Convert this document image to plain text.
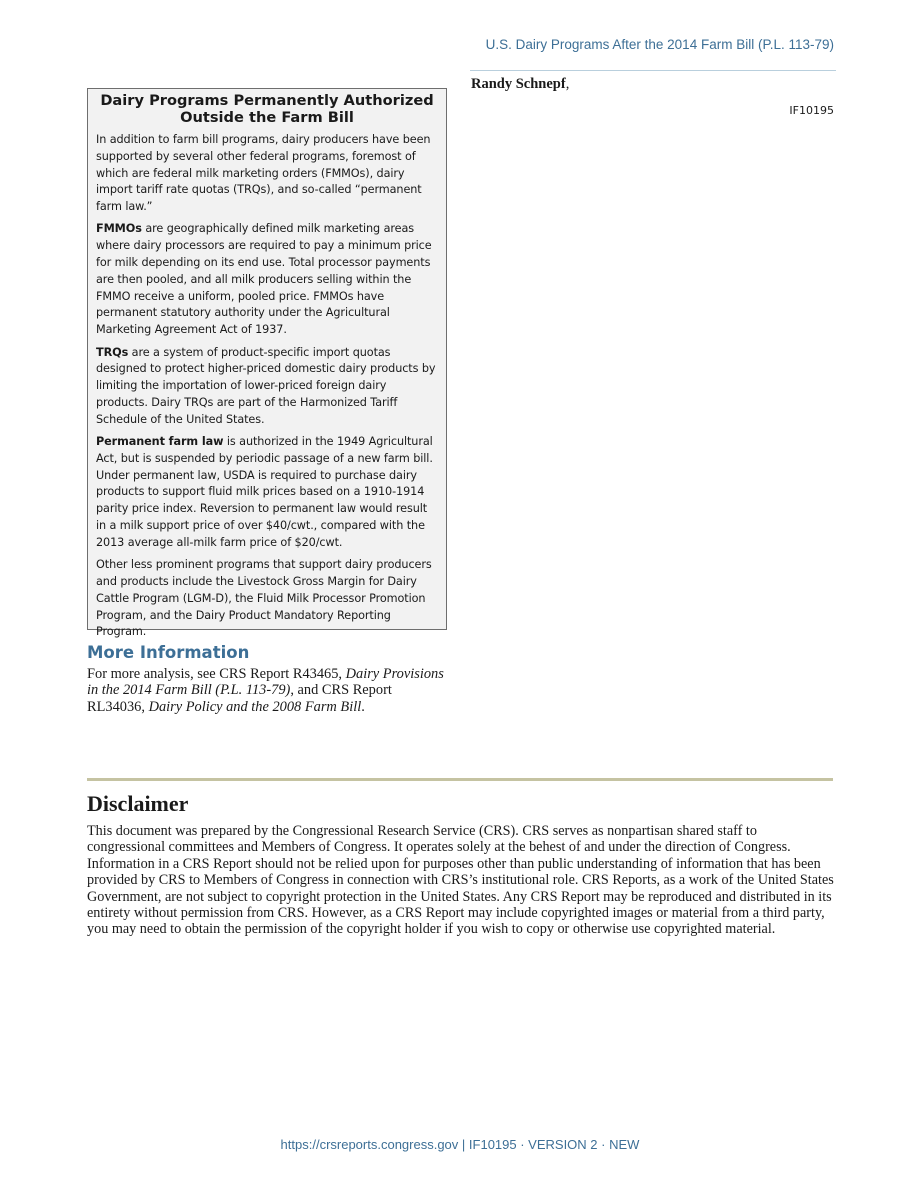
U.S. Dairy Programs After the 2014 Farm Bill (P.L. 113-79)
Randy Schnepf,
IF10195
Dairy Programs Permanently Authorized Outside the Farm Bill

In addition to farm bill programs, dairy producers have been supported by several other federal programs, foremost of which are federal milk marketing orders (FMMOs), dairy import tariff rate quotas (TRQs), and so-called “permanent farm law.”

FMMOs are geographically defined milk marketing areas where dairy processors are required to pay a minimum price for milk depending on its end use. Total processor payments are then pooled, and all milk producers selling within the FMMO receive a uniform, pooled price. FMMOs have permanent statutory authority under the Agricultural Marketing Agreement Act of 1937.

TRQs are a system of product-specific import quotas designed to protect higher-priced domestic dairy products by limiting the importation of lower-priced foreign dairy products. Dairy TRQs are part of the Harmonized Tariff Schedule of the United States.

Permanent farm law is authorized in the 1949 Agricultural Act, but is suspended by periodic passage of a new farm bill. Under permanent law, USDA is required to purchase dairy products to support fluid milk prices based on a 1910-1914 parity price index. Reversion to permanent law would result in a milk support price of over $40/cwt., compared with the 2013 average all-milk farm price of $20/cwt.

Other less prominent programs that support dairy producers and products include the Livestock Gross Margin for Dairy Cattle Program (LGM-D), the Fluid Milk Processor Promotion Program, and the Dairy Product Mandatory Reporting Program.

More Information
For more analysis, see CRS Report R43465, Dairy Provisions in the 2014 Farm Bill (P.L. 113-79), and CRS Report RL34036, Dairy Policy and the 2008 Farm Bill.
Disclaimer
This document was prepared by the Congressional Research Service (CRS). CRS serves as nonpartisan shared staff to congressional committees and Members of Congress. It operates solely at the behest of and under the direction of Congress. Information in a CRS Report should not be relied upon for purposes other than public understanding of information that has been provided by CRS to Members of Congress in connection with CRS’s institutional role. CRS Reports, as a work of the United States Government, are not subject to copyright protection in the United States. Any CRS Report may be reproduced and distributed in its entirety without permission from CRS. However, as a CRS Report may include copyrighted images or material from a third party, you may need to obtain the permission of the copyright holder if you wish to copy or otherwise use copyrighted material.
https://crsreports.congress.gov | IF10195 · VERSION 2 · NEW
